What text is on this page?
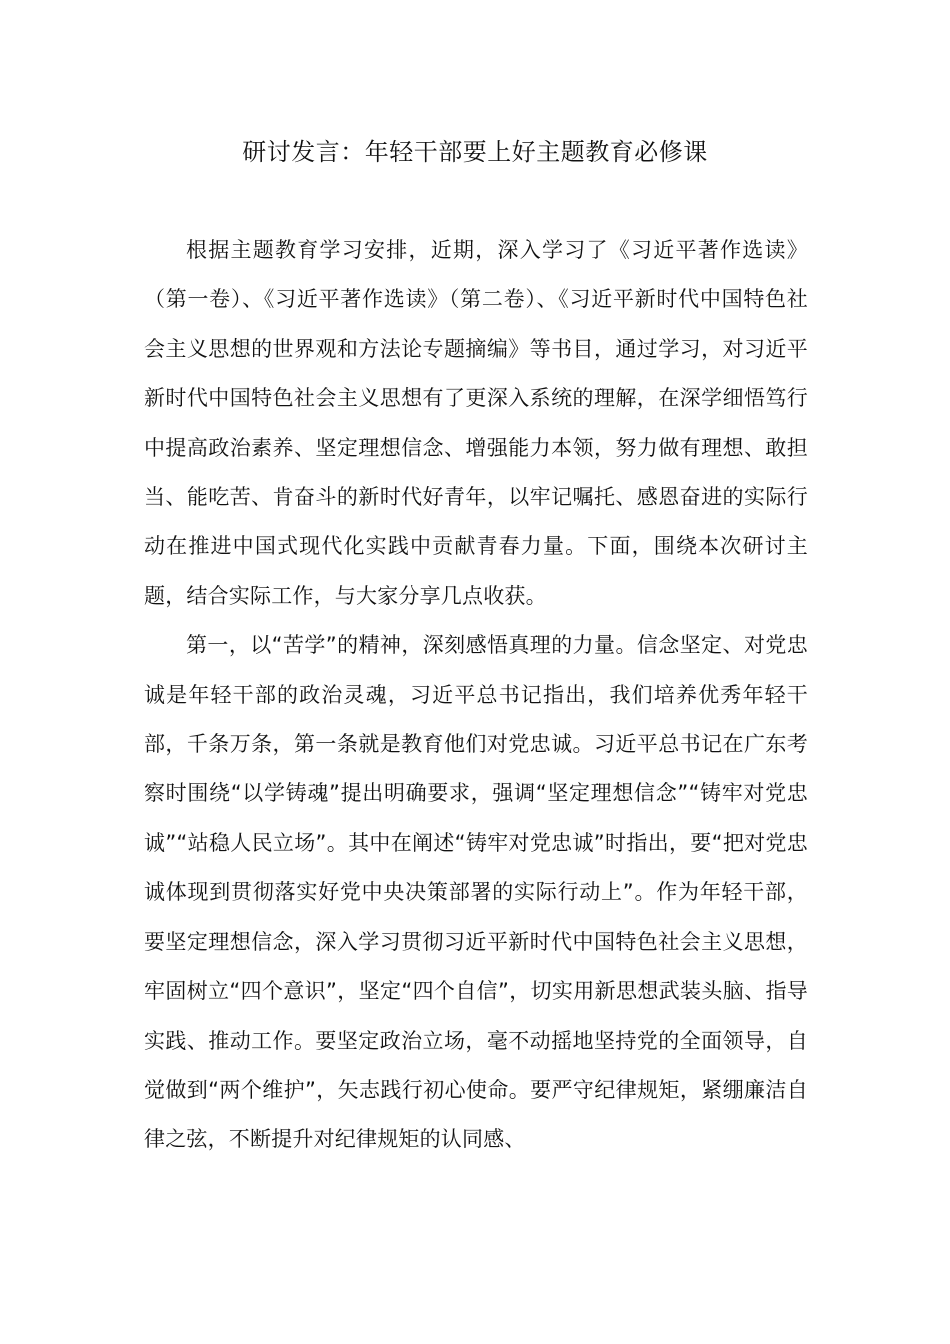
研讨发言：年轻干部要上好主题教育必修课

根据主题教育学习安排，近期，深入学习了《习近平著作选读》（第一卷）、《习近平著作选读》（第二卷）、《习近平新时代中国特色社会主义思想的世界观和方法论专题摘编》等书目，通过学习，对习近平新时代中国特色社会主义思想有了更深入系统的理解，在深学细悟笃行中提高政治素养、坚定理想信念、增强能力本领，努力做有理想、敢担当、能吃苦、肯奋斗的新时代好青年，以牢记嘱托、感恩奋进的实际行动在推进中国式现代化实践中贡献青春力量。下面，围绕本次研讨主题，结合实际工作，与大家分享几点收获。

第一，以“苦学”的精神，深刻感悟真理的力量。信念坚定、对党忠诚是年轻干部的政治灵魂，习近平总书记指出，我们培养优秀年轻干部，千条万条，第一条就是教育他们对党忠诚。习近平总书记在广东考察时围绕“以学铸魂”提出明确要求，强调“坚定理想信念”“铸牢对党忠诚”“站稳人民立场”。其中在阐述“铸牢对党忠诚”时指出，要“把对党忠诚体现到贯彻落实好党中央决策部署的实际行动上”。作为年轻干部，要坚定理想信念，深入学习贯彻习近平新时代中国特色社会主义思想，牢固树立“四个意识”，坚定“四个自信”，切实用新思想武装头脑、指导实践、推动工作。要坚定政治立场，毫不动摇地坚持党的全面领导，自觉做到“两个维护”，矢志践行初心使命。要严守纪律规矩，紧绷廉洁自律之弦，不断提升对纪律规矩的认同感、
